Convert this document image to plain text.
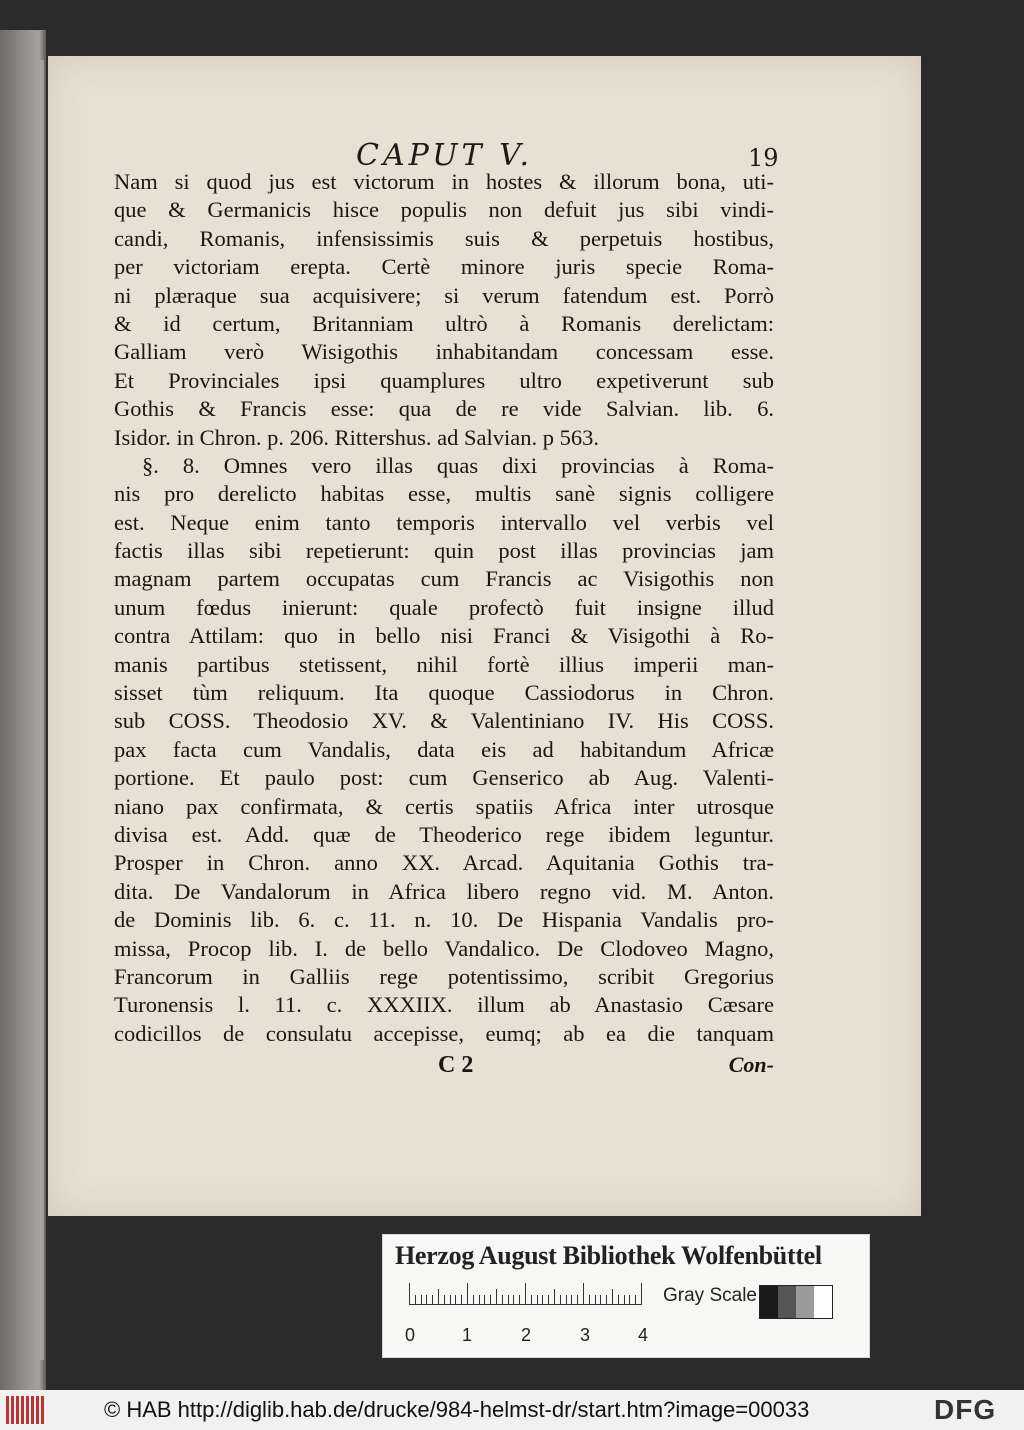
CAPUT V.	19
Nam si quod jus est victorum in hostes & illorum bona, uti-
que & Germanicis hisce populis non defuit jus sibi vindi-
candi, Romanis, infensissimis suis & perpetuis hostibus,
per victoriam erepta. Certè minore juris specie Roma-
ni plæraque sua acquisivere; si verum fatendum est. Porrò
& id certum, Britanniam ultrò à Romanis derelictam:
Galliam verò Wisigothis inhabitandam concessam esse.
Et Provinciales ipsi quamplures ultro expetiverunt sub
Gothis & Francis esse: qua de re vide Salvian. lib. 6.
Isidor. in Chron. p. 206. Rittershus. ad Salvian. p 563.
§. 8. Omnes vero illas quas dixi provincias à Roma-
nis pro derelicto habitas esse, multis sanè signis colligere
est. Neque enim tanto temporis intervallo vel verbis vel
factis illas sibi repetierunt: quin post illas provincias jam
magnam partem occupatas cum Francis ac Visigothis non
unum fœdus inierunt: quale profectò fuit insigne illud
contra Attilam: quo in bello nisi Franci & Visigothi à Ro-
manis partibus stetissent, nihil fortè illius imperii man-
sisset tùm reliquum. Ita quoque Cassiodorus in Chron.
sub COSS. Theodosio XV. & Valentiniano IV. His COSS.
pax facta cum Vandalis, data eis ad habitandum Africæ
portione. Et paulo post: cum Genserico ab Aug. Valenti-
niano pax confirmata, & certis spatiis Africa inter utrosque
divisa est. Add. quæ de Theoderico rege ibidem leguntur.
Prosper in Chron. anno XX. Arcad. Aquitania Gothis tra-
dita. De Vandalorum in Africa libero regno vid. M. Anton.
de Dominis lib. 6. c. 11. n. 10. De Hispania Vandalis pro-
missa, Procop lib. I. de bello Vandalico. De Clodoveo Magno,
Francorum in Galliis rege potentissimo, scribit Gregorius
Turonensis l. 11. c. XXXIIX. illum ab Anastasio Cæsare
codicillos de consulatu accepisse, eumq; ab ea die tanquam
C 2	Con-
Herzog August Bibliothek Wolfenbüttel
0	1	2	3	4
Gray Scale
© HAB http://diglib.hab.de/drucke/984-helmst-dr/start.htm?image=00033	DFG
